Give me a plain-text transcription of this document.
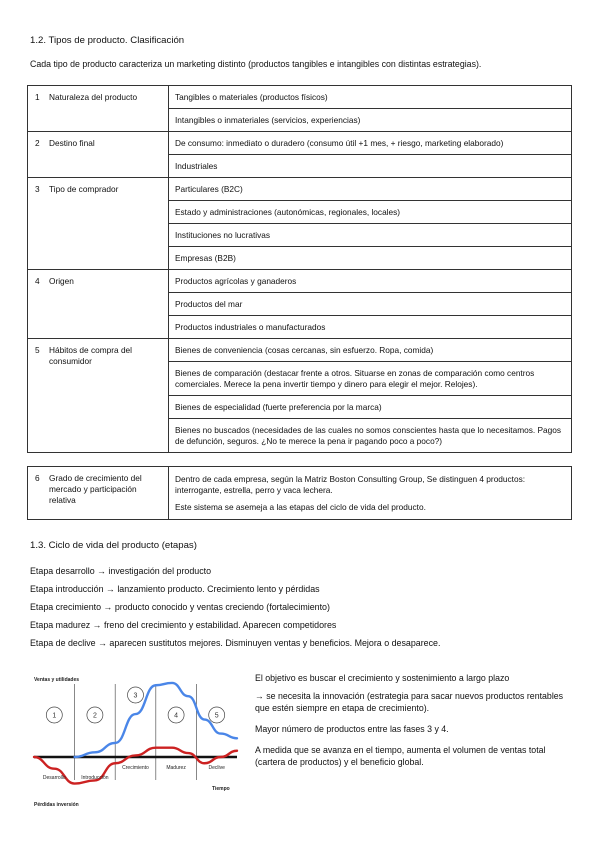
1.2. Tipos de producto. Clasificación
Cada tipo de producto caracteriza un marketing distinto (productos tangibles e intangibles con distintas estrategias).
1 Naturaleza del producto	Tangibles o materiales (productos físicos)
	Intangibles o inmateriales (servicios, experiencias)
2 Destino final	De consumo: inmediato o duradero (consumo útil +1 mes, + riesgo, marketing elaborado)
	Industriales
3 Tipo de comprador	Particulares (B2C)
	Estado y administraciones (autonómicas, regionales, locales)
	Instituciones no lucrativas
	Empresas (B2B)
4 Origen	Productos agrícolas y ganaderos
	Productos del mar
	Productos industriales o manufacturados
5 Hábitos de compra del consumidor	Bienes de conveniencia (cosas cercanas, sin esfuerzo. Ropa, comida)
	Bienes de comparación (destacar frente a otros. Situarse en zonas de comparación como centros comerciales. Merece la pena invertir tiempo y dinero para elegir el mejor. Relojes).
	Bienes de especialidad (fuerte preferencia por la marca)
	Bienes no buscados (necesidades de las cuales no somos conscientes hasta que lo necesitamos. Pagos de defunción, seguros. ¿No te merece la pena ir pagando poco a poco?)
6 Grado de crecimiento del mercado y participación relativa	Dentro de cada empresa, según la Matriz Boston Consulting Group, Se distinguen 4 productos: interrogante, estrella, perro y vaca lechera.
Este sistema se asemeja a las etapas del ciclo de vida del producto.
1.3. Ciclo de vida del producto (etapas)
Etapa desarrollo → investigación del producto
Etapa introducción → lanzamiento producto. Crecimiento lento y pérdidas
Etapa crecimiento → producto conocido y ventas creciendo (fortalecimiento)
Etapa madurez → freno del crecimiento y estabilidad. Aparecen competidores
Etapa de declive → aparecen sustitutos mejores. Disminuyen ventas y beneficios. Mejora o desaparece.
Ventas y utilidades
1	2
3
4	5
Desarrollo	Introducción
Crecimiento	Madurez	Declive
Tiempo
Pérdidas inversión
El objetivo es buscar el crecimiento y sostenimiento a largo plazo
→ se necesita la innovación (estrategia para sacar nuevos productos rentables que estén siempre en etapa de crecimiento).
Mayor número de productos entre las fases 3 y 4.
A medida que se avanza en el tiempo, aumenta el volumen de ventas total (cartera de productos) y el beneficio global.
